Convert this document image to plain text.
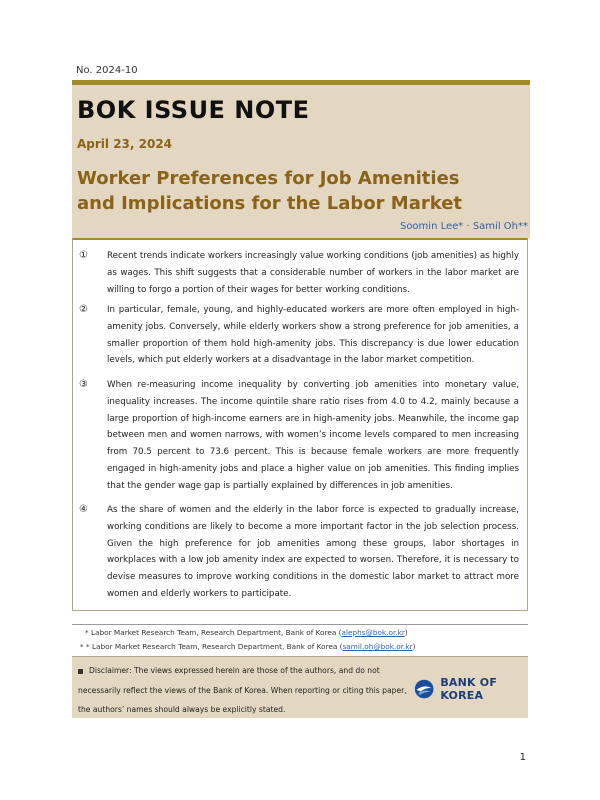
No. 2024-10
BOK ISSUE NOTE
April 23, 2024
Worker Preferences for Job Amenities
and Implications for the Labor Market
Soomin Lee* · Samil Oh**
①	Recent trends indicate workers increasingly value working conditions (job amenities) as highly as wages. This shift suggests that a considerable number of workers in the labor market are willing to forgo a portion of their wages for better working conditions.
②	In particular, female, young, and highly-educated workers are more often employed in high-amenity jobs. Conversely, while elderly workers show a strong preference for job amenities, a smaller proportion of them hold high-amenity jobs. This discrepancy is due lower education levels, which put elderly workers at a disadvantage in the labor market competition.
③	When re-measuring income inequality by converting job amenities into monetary value, inequality increases. The income quintile share ratio rises from 4.0 to 4.2, mainly because a large proportion of high-income earners are in high-amenity jobs. Meanwhile, the income gap between men and women narrows, with women’s income levels compared to men increasing from 70.5 percent to 73.6 percent. This is because female workers are more frequently engaged in high-amenity jobs and place a higher value on job amenities. This finding implies that the gender wage gap is partially explained by differences in job amenities.
④	As the share of women and the elderly in the labor force is expected to gradually increase, working conditions are likely to become a more important factor in the job selection process. Given the high preference for job amenities among these groups, labor shortages in workplaces with a low job amenity index are expected to worsen. Therefore, it is necessary to devise measures to improve working conditions in the domestic labor market to attract more women and elderly workers to participate.
* Labor Market Research Team, Research Department, Bank of Korea (alephs@bok.or.kr)
* * Labor Market Research Team, Research Department, Bank of Korea (samil.oh@bok.or.kr)
Disclaimer: The views expressed herein are those of the authors, and do not necessarily reflect the views of the Bank of Korea. When reporting or citing this paper, the authors’ names should always be explicitly stated.
BANK OF KOREA
1
